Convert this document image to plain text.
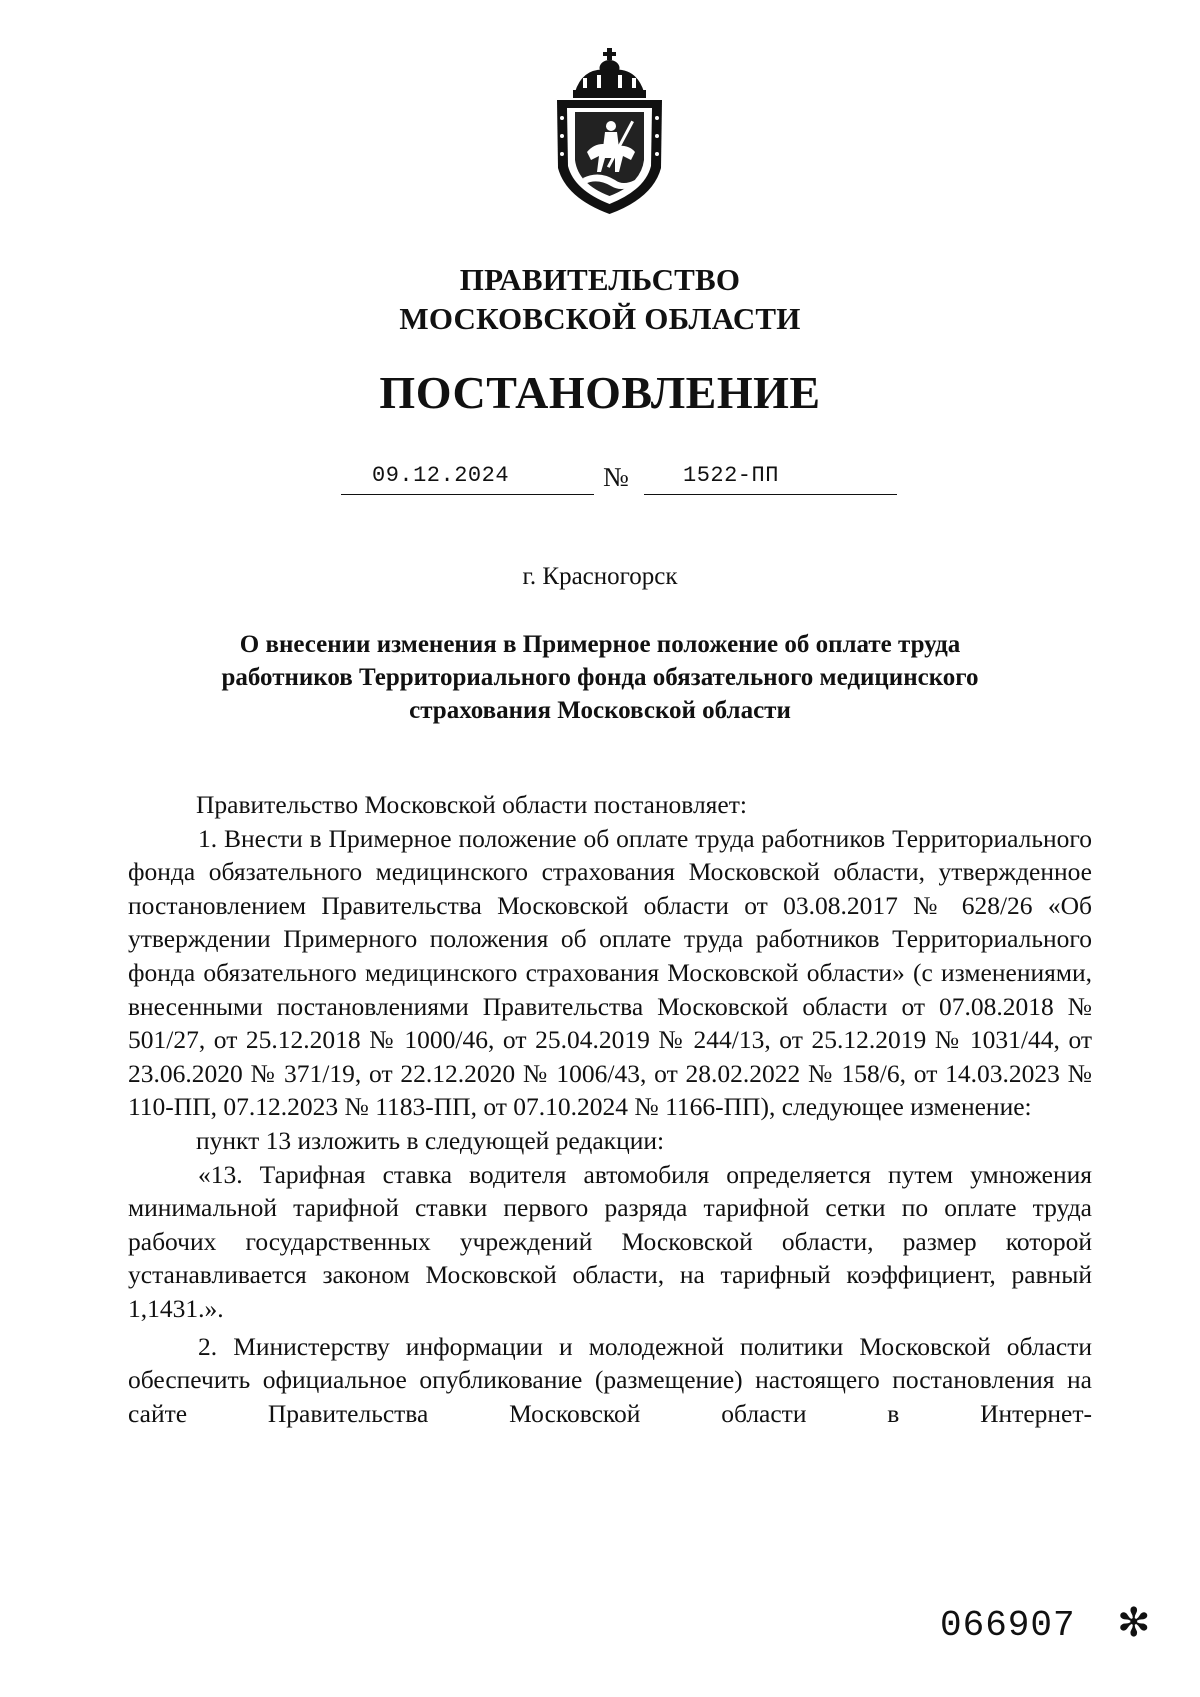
ПРАВИТЕЛЬСТВО
МОСКОВСКОЙ ОБЛАСТИ
ПОСТАНОВЛЕНИЕ
09.12.2024	№ 1522-ПП
г. Красногорск
О внесении изменения в Примерное положение об оплате труда
работников Территориального фонда обязательного медицинского
страхования Московской области

Правительство Московской области постановляет:

1. Внести в Примерное положение об оплате труда работников Территориального фонда обязательного медицинского страхования Московской области, утвержденное постановлением Правительства Московской области от 03.08.2017 № 628/26 «Об утверждении Примерного положения об оплате труда работников Территориального фонда обязательного медицинского страхования Московской области» (с изменениями, внесенными постановлениями Правительства Московской области от 07.08.2018 № 501/27, от 25.12.2018 № 1000/46, от 25.04.2019 № 244/13, от 25.12.2019 № 1031/44, от 23.06.2020 № 371/19, от 22.12.2020 № 1006/43, от 28.02.2022 № 158/6, от 14.03.2023 № 110-ПП, 07.12.2023 № 1183-ПП, от 07.10.2024 № 1166-ПП), следующее изменение:

пункт 13 изложить в следующей редакции:

«13. Тарифная ставка водителя автомобиля определяется путем умножения минимальной тарифной ставки первого разряда тарифной сетки по оплате труда рабочих государственных учреждений Московской области, размер которой устанавливается законом Московской области, на тарифный коэффициент, равный 1,1431.».

2. Министерству информации и молодежной политики Московской области обеспечить официальное опубликование (размещение) настоящего постановления на сайте Правительства Московской области в Интернет-

066907 ✻
